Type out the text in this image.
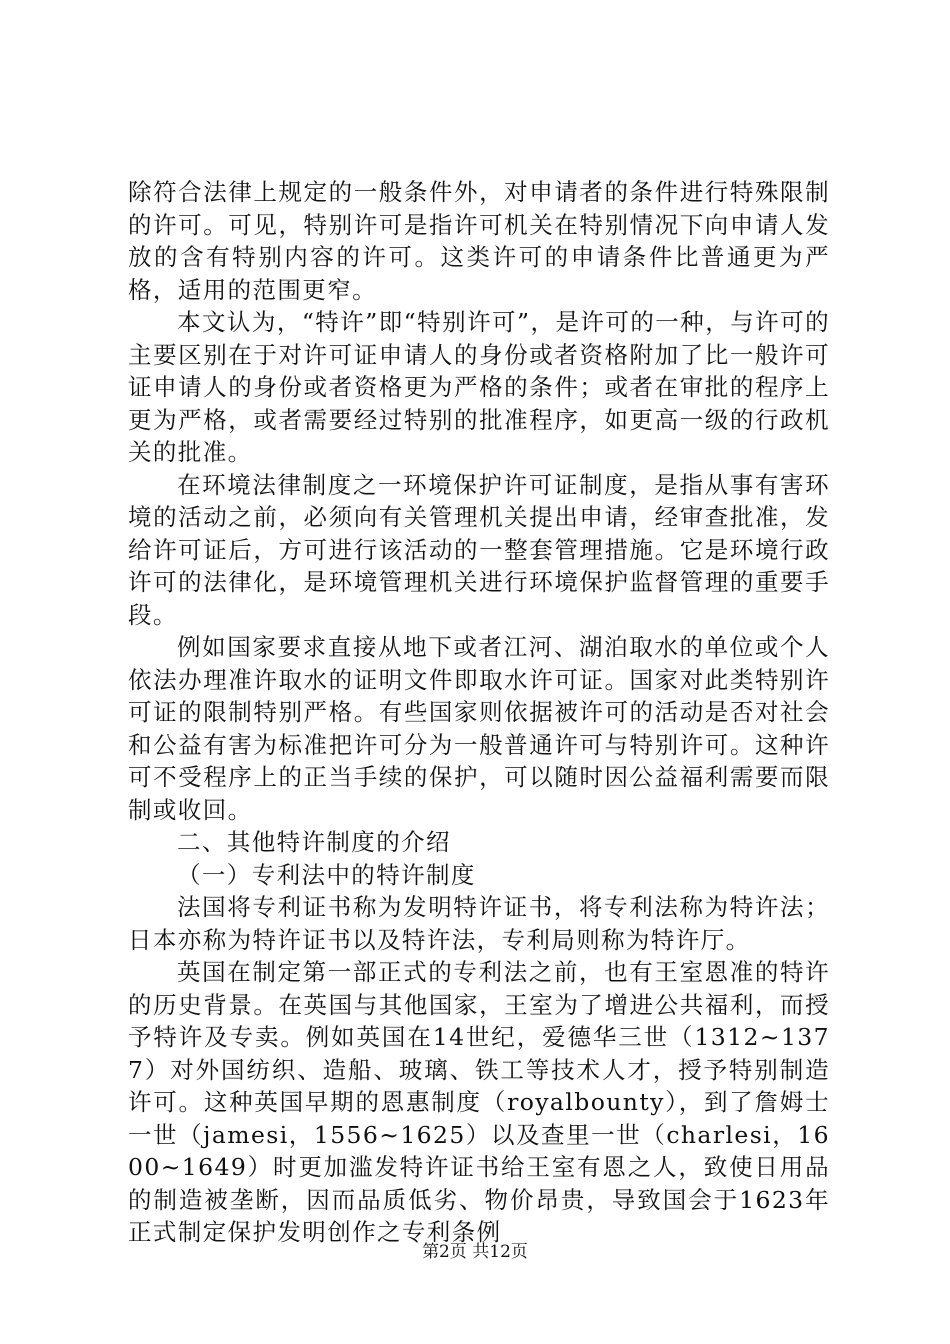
除符合法律上规定的一般条件外，对申请者的条件进行特殊限制的许可。可见，特别许可是指许可机关在特别情况下向申请人发放的含有特别内容的许可。这类许可的申请条件比普通更为严格，适用的范围更窄。

本文认为，“特许”即“特别许可”，是许可的一种，与许可的主要区别在于对许可证申请人的身份或者资格附加了比一般许可证申请人的身份或者资格更为严格的条件；或者在审批的程序上更为严格，或者需要经过特别的批准程序，如更高一级的行政机关的批准。

在环境法律制度之一环境保护许可证制度，是指从事有害环境的活动之前，必须向有关管理机关提出申请，经审查批准，发给许可证后，方可进行该活动的一整套管理措施。它是环境行政许可的法律化，是环境管理机关进行环境保护监督管理的重要手段。

例如国家要求直接从地下或者江河、湖泊取水的单位或个人依法办理准许取水的证明文件即取水许可证。国家对此类特别许可证的限制特别严格。有些国家则依据被许可的活动是否对社会和公益有害为标准把许可分为一般普通许可与特别许可。这种许可不受程序上的正当手续的保护，可以随时因公益福利需要而限制或收回。

二、其他特许制度的介绍

（一）专利法中的特许制度

法国将专利证书称为发明特许证书，将专利法称为特许法；日本亦称为特许证书以及特许法，专利局则称为特许厅。

英国在制定第一部正式的专利法之前，也有王室恩准的特许的历史背景。在英国与其他国家，王室为了增进公共福利，而授予特许及专卖。例如英国在14世纪，爱德华三世（1312~1377）对外国纺织、造船、玻璃、铁工等技术人才，授予特别制造许可。这种英国早期的恩惠制度（royalbounty），到了詹姆士一世（jamesi，1556~1625）以及查里一世（charlesi，1600~1649）时更加滥发特许证书给王室有恩之人，致使日用品的制造被垄断，因而品质低劣、物价昂贵，导致国会于1623年正式制定保护发明创作之专利条例

第2页 共12页
